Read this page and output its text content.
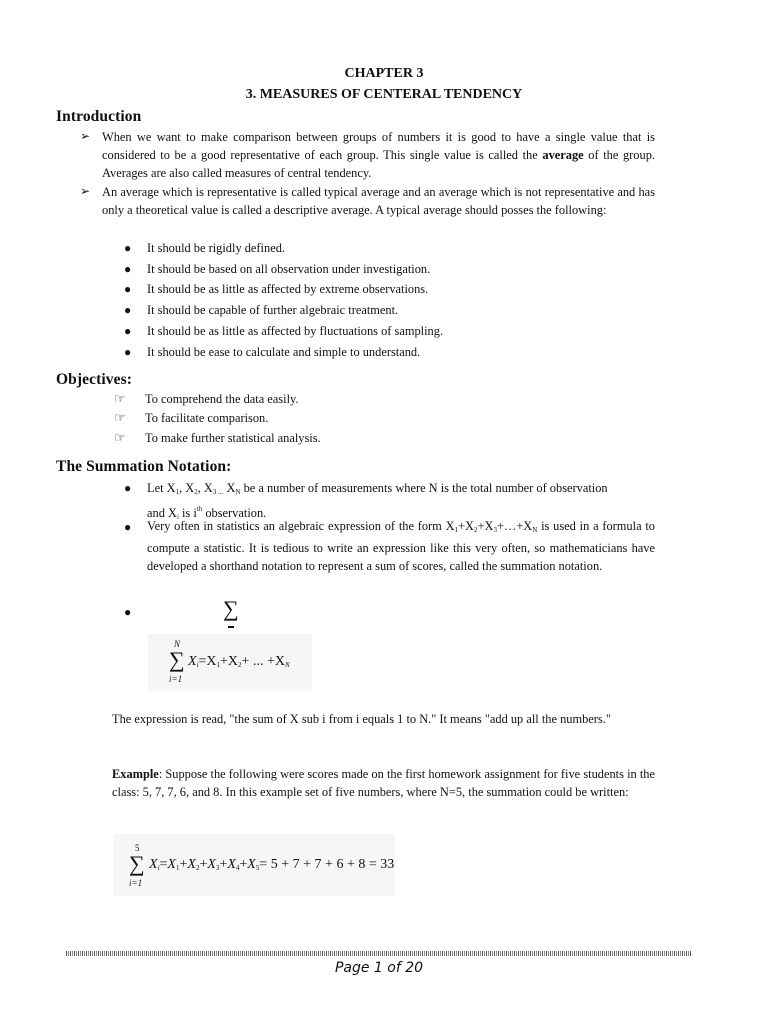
CHAPTER 3
3. MEASURES OF CENTERAL TENDENCY
Introduction
➢ When we want to make comparison between groups of numbers it is good to have a single value that is considered to be a good representative of each group. This single value is called the average of the group. Averages are also called measures of central tendency.
➢ An average which is representative is called typical average and an average which is not representative and has only a theoretical value is called a descriptive average. A typical average should posses the following:
● It should be rigidly defined.
● It should be based on all observation under investigation.
● It should be as little as affected by extreme observations.
● It should be capable of further algebraic treatment.
● It should be as little as affected by fluctuations of sampling.
● It should be ease to calculate and simple to understand.
Objectives:
☞ To comprehend the data easily.
☞ To facilitate comparison.
☞ To make further statistical analysis.
The Summation Notation:
● Let $X_1$, $X_2$, $X_{3 ...}$ $X_N$ be a number of measurements where N is the total number of observation
and $X_i$ is $i^{th}$ observation.
● Very often in statistics an algebraic expression of the form $X_1+X_2+X_3+\dots+X_N$ is used in a formula to compute a statistic. It is tedious to write an expression like this very often, so mathematicians have developed a shorthand notation to represent a sum of scores, called the summation notation.
●	∑
N
∑
i=1
$X_i=X_1+X_2+$ ... $+X_N$
The expression is read, "the sum of X sub i from i equals 1 to N." It means "add up all the numbers."
Example: Suppose the following were scores made on the first homework assignment for five students in the class: 5, 7, 7, 6, and 8. In this example set of five numbers, where N=5, the summation could be written:
5
∑
i=1
$X_i=X_1+X_2+X_3+X_4+X_5= 5 + 7 + 7 + 6 + 8 = 33$
Page 1 of 20
